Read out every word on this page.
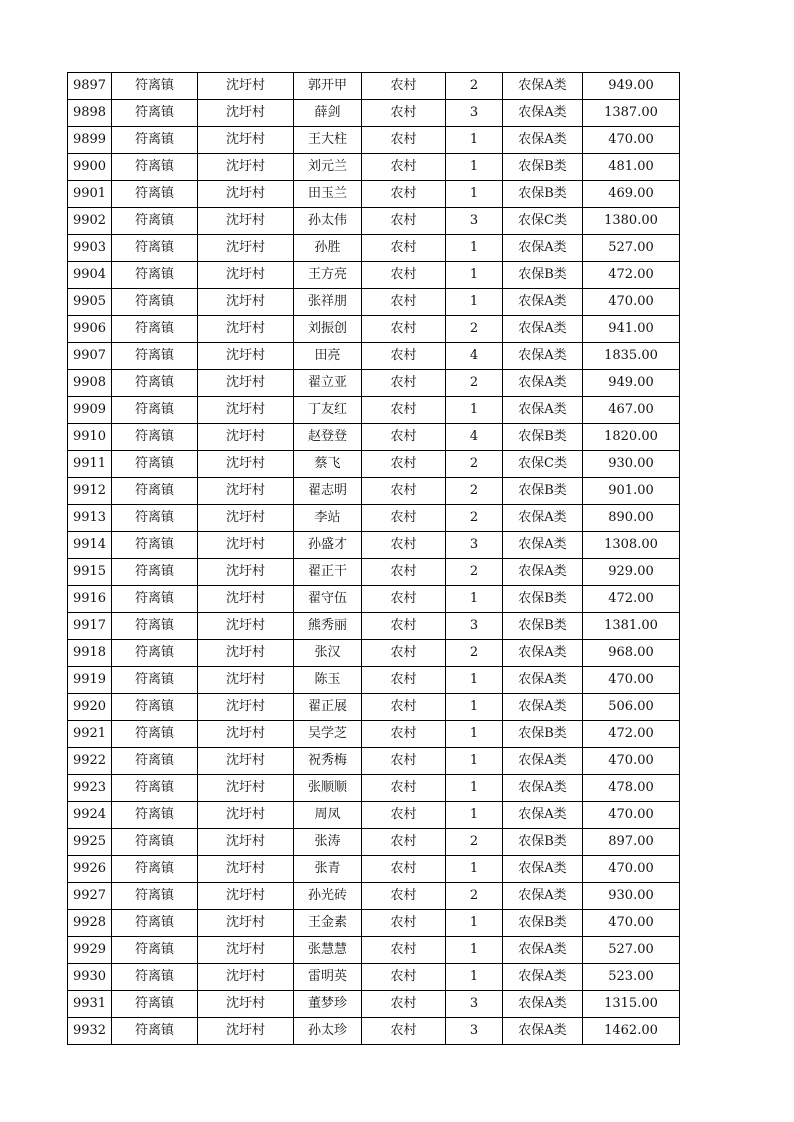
9897	符离镇	沈圩村	郭开甲	农村	2	农保A类	949.00
9898	符离镇	沈圩村	薛剑	农村	3	农保A类	1387.00
9899	符离镇	沈圩村	王大柱	农村	1	农保A类	470.00
9900	符离镇	沈圩村	刘元兰	农村	1	农保B类	481.00
9901	符离镇	沈圩村	田玉兰	农村	1	农保B类	469.00
9902	符离镇	沈圩村	孙太伟	农村	3	农保C类	1380.00
9903	符离镇	沈圩村	孙胜	农村	1	农保A类	527.00
9904	符离镇	沈圩村	王方亮	农村	1	农保B类	472.00
9905	符离镇	沈圩村	张祥朋	农村	1	农保A类	470.00
9906	符离镇	沈圩村	刘振创	农村	2	农保A类	941.00
9907	符离镇	沈圩村	田亮	农村	4	农保A类	1835.00
9908	符离镇	沈圩村	翟立亚	农村	2	农保A类	949.00
9909	符离镇	沈圩村	丁友红	农村	1	农保A类	467.00
9910	符离镇	沈圩村	赵登登	农村	4	农保B类	1820.00
9911	符离镇	沈圩村	蔡飞	农村	2	农保C类	930.00
9912	符离镇	沈圩村	翟志明	农村	2	农保B类	901.00
9913	符离镇	沈圩村	李站	农村	2	农保A类	890.00
9914	符离镇	沈圩村	孙盛才	农村	3	农保A类	1308.00
9915	符离镇	沈圩村	翟正干	农村	2	农保A类	929.00
9916	符离镇	沈圩村	翟守伍	农村	1	农保B类	472.00
9917	符离镇	沈圩村	熊秀丽	农村	3	农保B类	1381.00
9918	符离镇	沈圩村	张汉	农村	2	农保A类	968.00
9919	符离镇	沈圩村	陈玉	农村	1	农保A类	470.00
9920	符离镇	沈圩村	翟正展	农村	1	农保A类	506.00
9921	符离镇	沈圩村	吴学芝	农村	1	农保B类	472.00
9922	符离镇	沈圩村	祝秀梅	农村	1	农保A类	470.00
9923	符离镇	沈圩村	张顺顺	农村	1	农保A类	478.00
9924	符离镇	沈圩村	周凤	农村	1	农保A类	470.00
9925	符离镇	沈圩村	张涛	农村	2	农保B类	897.00
9926	符离镇	沈圩村	张青	农村	1	农保A类	470.00
9927	符离镇	沈圩村	孙光砖	农村	2	农保A类	930.00
9928	符离镇	沈圩村	王金素	农村	1	农保B类	470.00
9929	符离镇	沈圩村	张慧慧	农村	1	农保A类	527.00
9930	符离镇	沈圩村	雷明英	农村	1	农保A类	523.00
9931	符离镇	沈圩村	董梦珍	农村	3	农保A类	1315.00
9932	符离镇	沈圩村	孙太珍	农村	3	农保A类	1462.00
